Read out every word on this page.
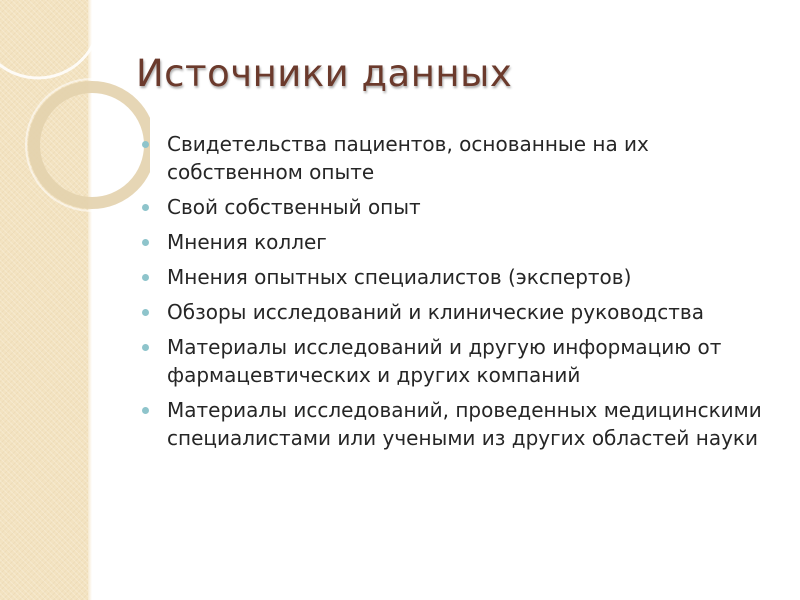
Источники данных
Свидетельства пациентов, основанные на их собственном опыте
Свой собственный опыт
Мнения коллег
Мнения опытных специалистов (экспертов)
Обзоры исследований и клинические руководства
Материалы исследований и другую информацию от фармацевтических и других компаний
Материалы исследований, проведенных медицинскими специалистами или учеными из других областей науки
